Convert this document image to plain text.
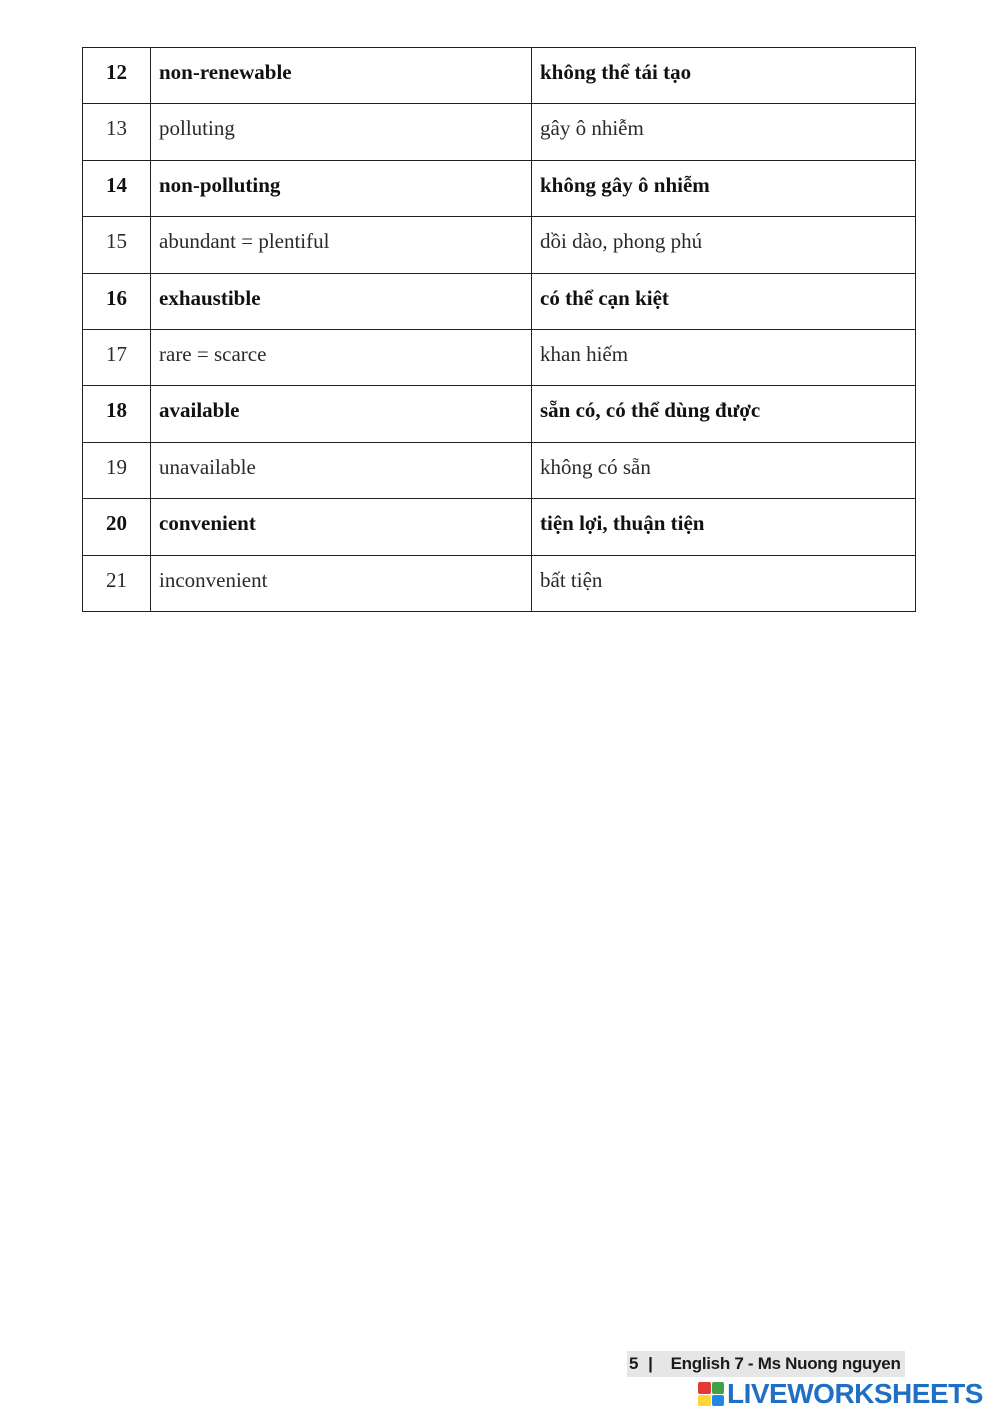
12	non-renewable	không thể tái tạo
13	polluting	gây ô nhiễm
14	non-polluting	không gây ô nhiễm
15	abundant = plentiful	dồi dào, phong phú
16	exhaustible	có thể cạn kiệt
17	rare = scarce	khan hiếm
18	available	sẵn có, có thể dùng được
19	unavailable	không có sẵn
20	convenient	tiện lợi, thuận tiện
21	inconvenient	bất tiện
5 | English 7 - Ms Nuong nguyen
LIVEWORKSHEETS
